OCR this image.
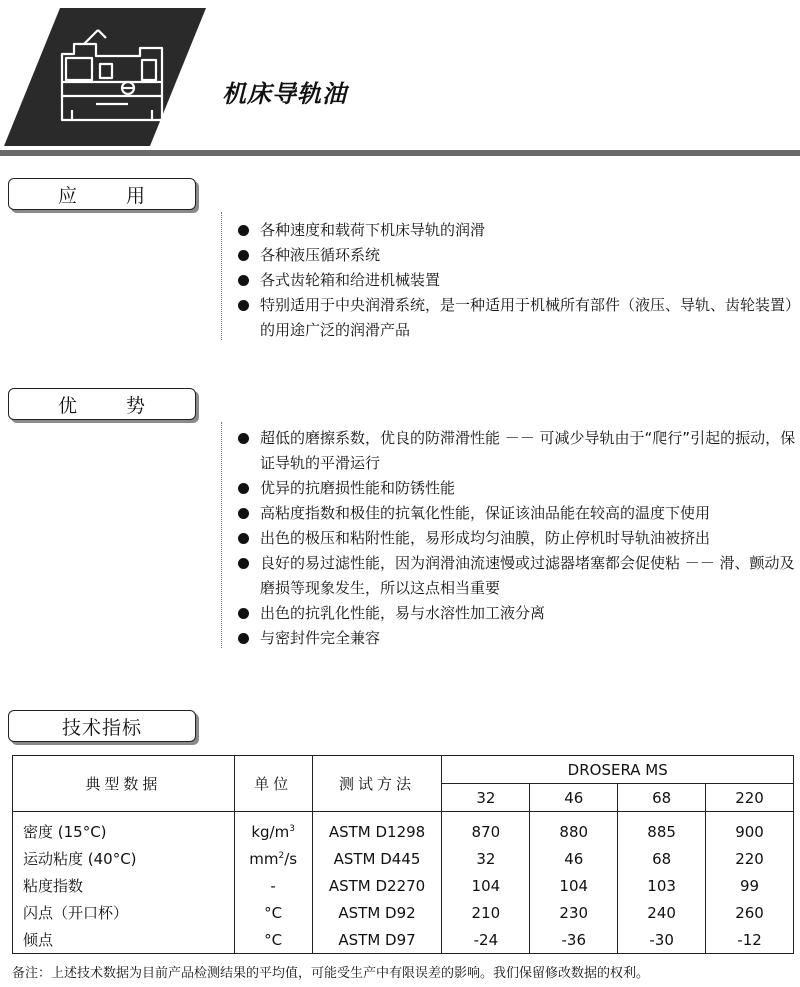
机床导轨油
应	用
各种速度和载荷下机床导轨的润滑
各种液压循环系统
各式齿轮箱和给进机械装置
特别适用于中央润滑系统，是一种适用于机械所有部件（液压、导轨、齿轮装置）的用途广泛的润滑产品
优	势
超低的磨擦系数，优良的防滞滑性能 －－ 可减少导轨由于“爬行”引起的振动，保证导轨的平滑运行
优异的抗磨损性能和防锈性能
高粘度指数和极佳的抗氧化性能，保证该油品能在较高的温度下使用
出色的极压和粘附性能，易形成均匀油膜，防止停机时导轨油被挤出
良好的易过滤性能，因为润滑油流速慢或过滤器堵塞都会促使粘 －－ 滑、颤动及磨损等现象发生，所以这点相当重要
出色的抗乳化性能，易与水溶性加工液分离
与密封件完全兼容
技术指标
典型数据	单位	测试方法	DROSERA MS			
			32	46	68	220
密度 (15°C)	$kg/m^3$	ASTM D1298	870	880	885	900
运动粘度 (40°C)	$mm^2/s$	ASTM D445	32	46	68	220
粘度指数	-	ASTM D2270	104	104	103	99
闪点（开口杯）	°C	ASTM D92	210	230	240	260
倾点	°C	ASTM D97	-24	-36	-30	-12
备注：上述技术数据为目前产品检测结果的平均值，可能受生产中有限误差的影响。我们保留修改数据的权利。
